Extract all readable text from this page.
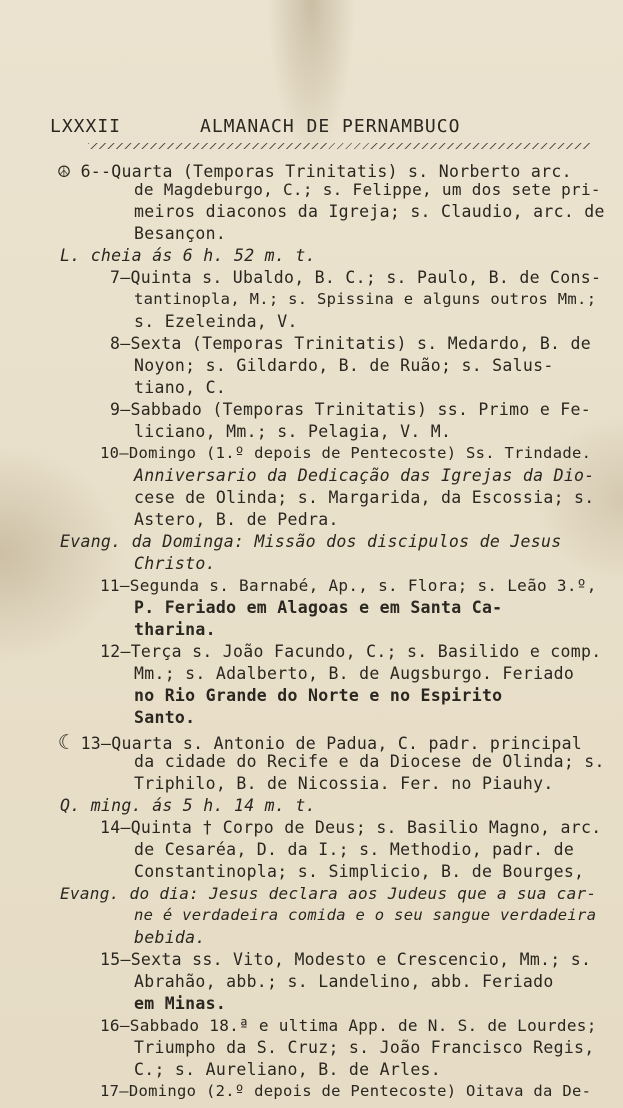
LXXXII	ALMANACH DE PERNAMBUCO
☮ 6--Quarta (Temporas Trinitatis) s. Norberto arc.
de Magdeburgo, C.; s. Felippe, um dos sete pri-
meiros diaconos da Igreja; s. Claudio, arc. de
Besançon.
L. cheia ás 6 h. 52 m. t.
7—Quinta s. Ubaldo, B. C.; s. Paulo, B. de Cons-
tantinopla, M.; s. Spissina e alguns outros Mm.;
s. Ezeleinda, V.
8—Sexta (Temporas Trinitatis) s. Medardo, B. de
Noyon; s. Gildardo, B. de Ruão; s. Salus-
tiano, C.
9—Sabbado (Temporas Trinitatis) ss. Primo e Fe-
liciano, Mm.; s. Pelagia, V. M.
10—Domingo (1.º depois de Pentecoste) Ss. Trindade.
Anniversario da Dedicação das Igrejas da Dio-
cese de Olinda; s. Margarida, da Escossia; s.
Astero, B. de Pedra.
Evang. da Dominga: Missão dos discipulos de Jesus
Christo.
11—Segunda s. Barnabé, Ap., s. Flora; s. Leão 3.º,
P. Feriado em Alagoas e em Santa Ca-
tharina.
12—Terça s. João Facundo, C.; s. Basilido e comp.
Mm.; s. Adalberto, B. de Augsburgo. Feriado
no Rio Grande do Norte e no Espirito
Santo.
☾ 13—Quarta s. Antonio de Padua, C. padr. principal
da cidade do Recife e da Diocese de Olinda; s.
Triphilo, B. de Nicossia. Fer. no Piauhy.
Q. ming. ás 5 h. 14 m. t.
14—Quinta † Corpo de Deus; s. Basilio Magno, arc.
de Cesaréa, D. da I.; s. Methodio, padr. de
Constantinopla; s. Simplicio, B. de Bourges,
Evang. do dia: Jesus declara aos Judeus que a sua car-
ne é verdadeira comida e o seu sangue verdadeira
bebida.
15—Sexta ss. Vito, Modesto e Crescencio, Mm.; s.
Abrahão, abb.; s. Landelino, abb. Feriado
em Minas.
16—Sabbado 18.ª e ultima App. de N. S. de Lourdes;
Triumpho da S. Cruz; s. João Francisco Regis,
C.; s. Aureliano, B. de Arles.
17—Domingo (2.º depois de Pentecoste) Oitava da De-
